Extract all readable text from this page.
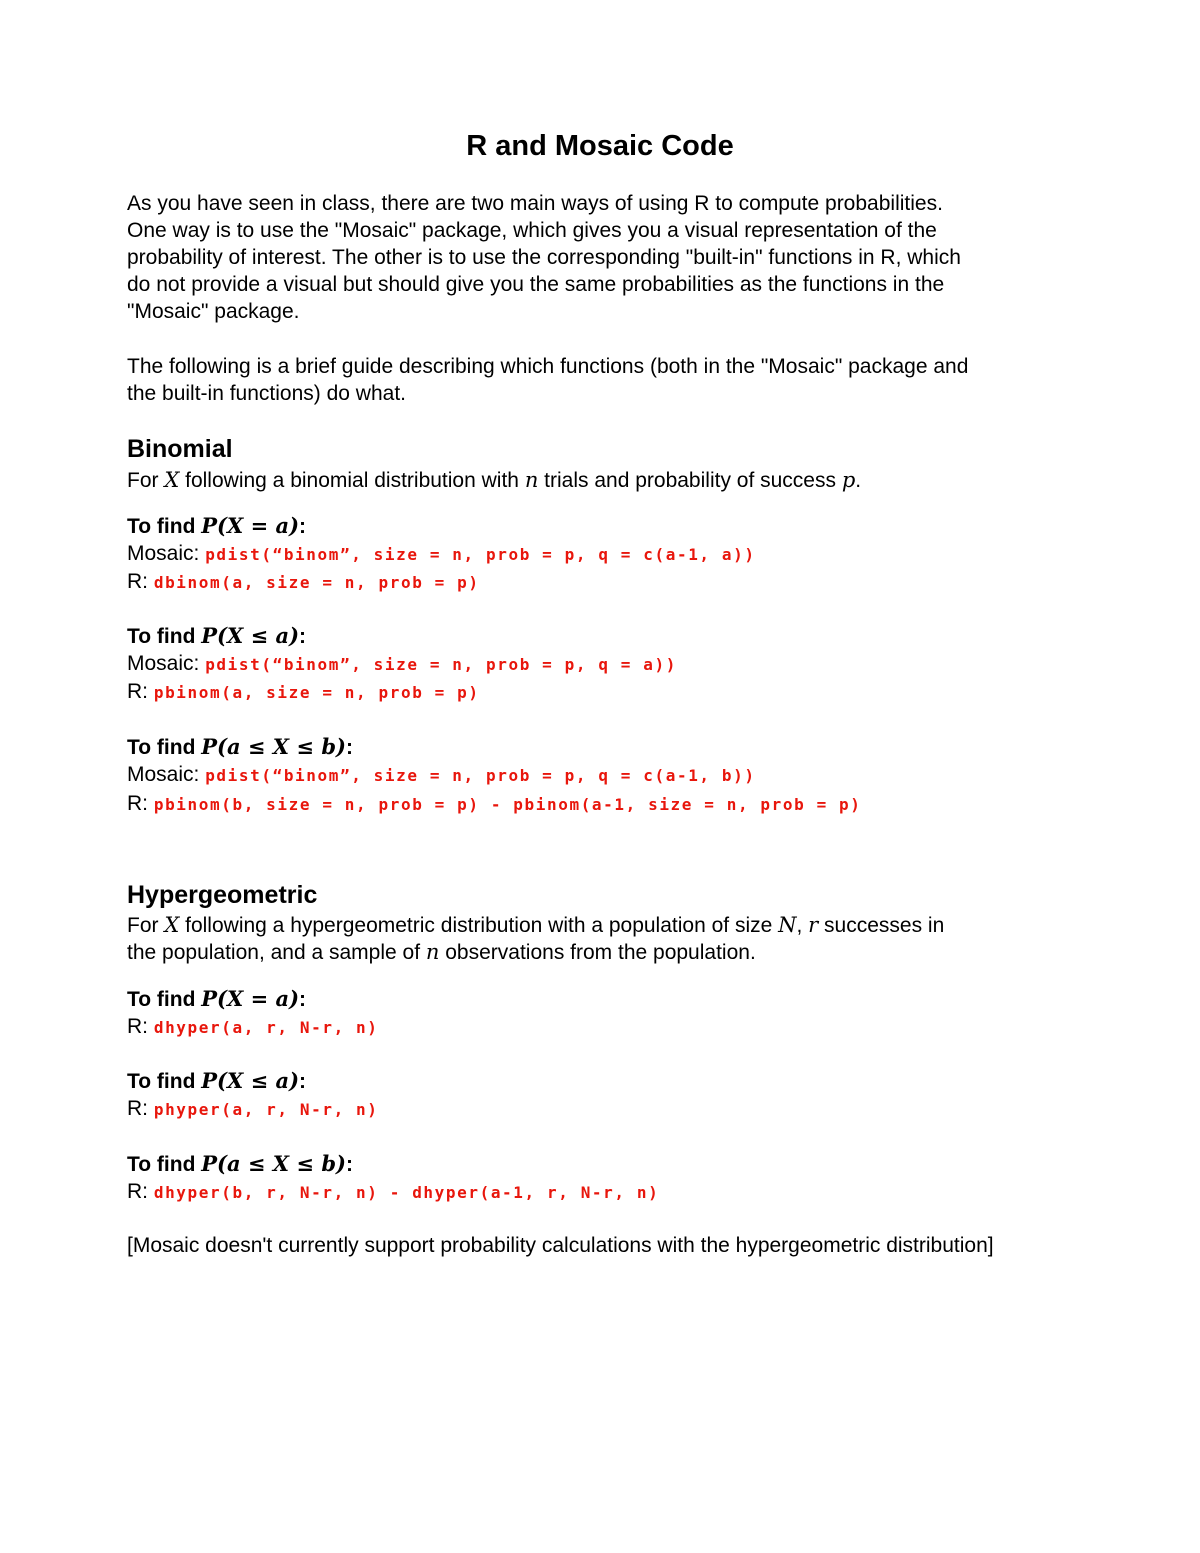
R and Mosaic Code
As you have seen in class, there are two main ways of using R to compute probabilities.
One way is to use the "Mosaic" package, which gives you a visual representation of the
probability of interest. The other is to use the corresponding "built-in" functions in R, which
do not provide a visual but should give you the same probabilities as the functions in the
"Mosaic" package.
The following is a brief guide describing which functions (both in the "Mosaic" package and
the built-in functions) do what.
Binomial
For X following a binomial distribution with n trials and probability of success p.
To find P(X = a):
Mosaic: pdist(“binom”, size = n, prob = p, q = c(a-1, a))
R: dbinom(a, size = n, prob = p)
To find P(X ≤ a):
Mosaic: pdist(“binom”, size = n, prob = p, q = a))
R: pbinom(a, size = n, prob = p)
To find P(a ≤ X ≤ b):
Mosaic: pdist(“binom”, size = n, prob = p, q = c(a-1, b))
R: pbinom(b, size = n, prob = p) - pbinom(a-1, size = n, prob = p)
Hypergeometric
For X following a hypergeometric distribution with a population of size N, r successes in
the population, and a sample of n observations from the population.
To find P(X = a):
R: dhyper(a, r, N-r, n)
To find P(X ≤ a):
R: phyper(a, r, N-r, n)
To find P(a ≤ X ≤ b):
R: dhyper(b, r, N-r, n) - dhyper(a-1, r, N-r, n)
[Mosaic doesn't currently support probability calculations with the hypergeometric distribution]
